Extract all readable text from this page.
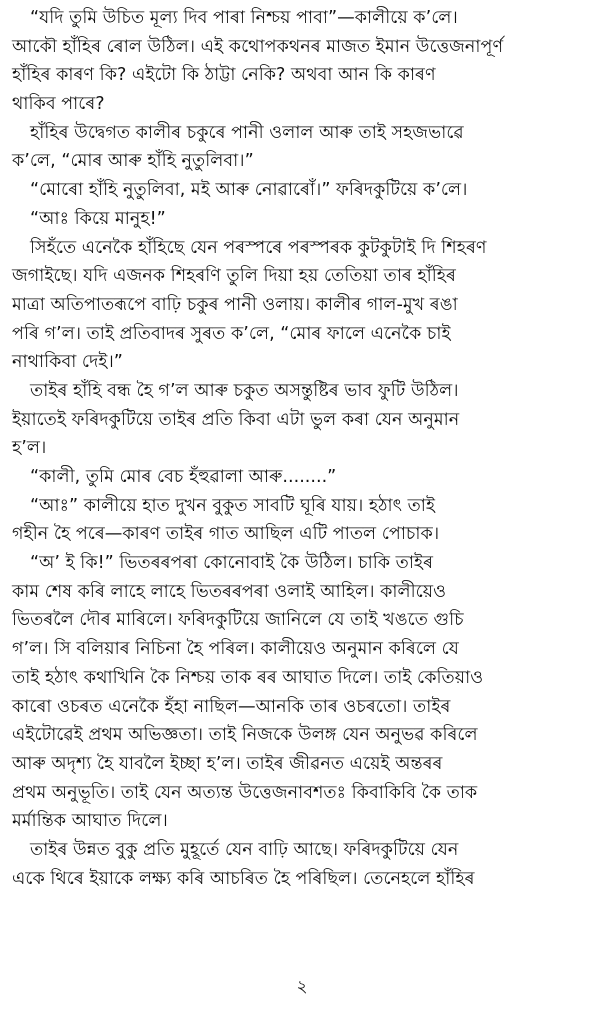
“যদি তুমি উচিত মূল্য দিব পাৰা নিশ্চয় পাবা”—কালীয়ে ক’লে।
আকৌ হাঁহিৰ ৰোল উঠিল। এই কথোপকথনৰ মাজত ইমান উত্তেজনাপূৰ্ণ
হাঁহিৰ কাৰণ কি? এইটো কি ঠাট্টা নেকি? অথবা আন কি কাৰণ
থাকিব পাৰে?
হাঁহিৰ উদ্বেগত কালীৰ চকুৰে পানী ওলাল আৰু তাই সহজভাৱে
ক’লে, “মোৰ আৰু হাঁহি নুতুলিবা।”
“মোৰো হাঁহি নুতুলিবা, মই আৰু নোৱাৰোঁ।” ফৰিদকুটিয়ে ক’লে।
“আঃ কিয়ে মানুহ!”
সিহঁতে এনেকৈ হাঁহিছে যেন পৰস্পৰে পৰস্পৰক কুটকুটাই দি শিহৰণ
জগাইছে। যদি এজনক শিহৰণি তুলি দিয়া হয় তেতিয়া তাৰ হাঁহিৰ
মাত্ৰা অতিপাতৰূপে বাঢ়ি চকুৰ পানী ওলায়। কালীৰ গাল-মুখ ৰঙা
পৰি গ’ল। তাই প্ৰতিবাদৰ সুৰত ক’লে, “মোৰ ফালে এনেকৈ চাই
নাথাকিবা দেই।”
তাইৰ হাঁহি বন্ধ হৈ গ’ল আৰু চকুত অসন্তুষ্টিৰ ভাব ফুটি উঠিল।
ইয়াতেই ফৰিদকুটিয়ে তাইৰ প্ৰতি কিবা এটা ভুল কৰা যেন অনুমান
হ’ল।
“কালী, তুমি মোৰ বেচ হঁহুৱালা আৰু........”
“আঃ” কালীয়ে হাত দুখন বুকুত সাবটি ঘূৰি যায়। হঠাৎ তাই
গহীন হৈ পৰে—কাৰণ তাইৰ গাত আছিল এটি পাতল পোচাক।
“অ’ ই কি!” ভিতৰৰপৰা কোনোবাই কৈ উঠিল। চাকি তাইৰ
কাম শেষ কৰি লাহে লাহে ভিতৰৰপৰা ওলাই আহিল। কালীয়েও
ভিতৰলৈ দৌৰ মাৰিলে। ফৰিদকুটিয়ে জানিলে যে তাই খঙতে গুচি
গ’ল। সি বলিয়াৰ নিচিনা হৈ পৰিল। কালীয়েও অনুমান কৰিলে যে
তাই হঠাৎ কথাখিনি কৈ নিশ্চয় তাক ৰৰ আঘাত দিলে। তাই কেতিয়াও
কাৰো ওচৰত এনেকৈ হঁহা নাছিল—আনকি তাৰ ওচৰতো। তাইৰ
এইটোৱেই প্ৰথম অভিজ্ঞতা। তাই নিজকে উলঙ্গ যেন অনুভৱ কৰিলে
আৰু অদৃশ্য হৈ যাবলৈ ইচ্ছা হ’ল। তাইৰ জীৱনত এয়েই অন্তৰৰ
প্ৰথম অনুভূতি। তাই যেন অত্যন্ত উত্তেজনাবশতঃ কিবাকিবি কৈ তাক
মৰ্মান্তিক আঘাত দিলে।
তাইৰ উন্নত বুকু প্ৰতি মুহূৰ্তে যেন বাঢ়ি আছে। ফৰিদকুটিয়ে যেন
একে থিৰে ইয়াকে লক্ষ্য কৰি আচৰিত হৈ পৰিছিল। তেনেহলে হাঁহিৰ
২
